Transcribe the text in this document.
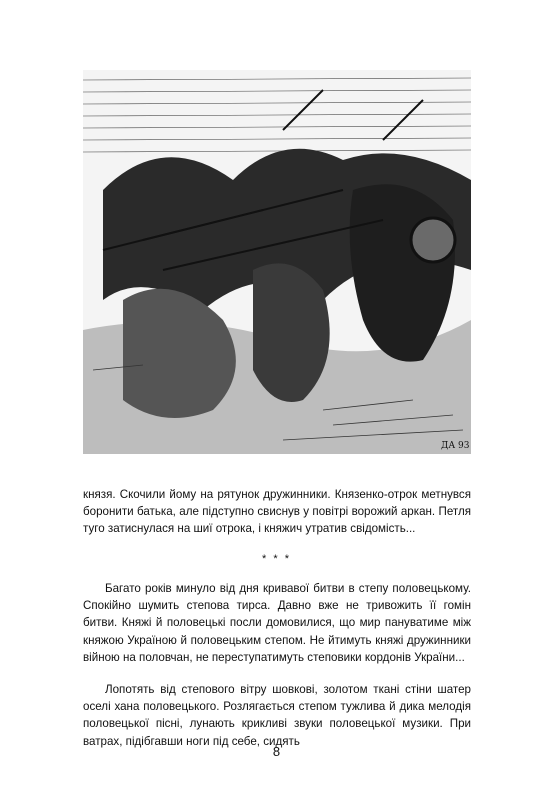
ДА 93
князя. Скочили йому на рятунок дружинники. Князенко-отрок метнувся боронити батька, але підступно свиснув у повітрі ворожий аркан. Петля туго затиснулася на шиї отрока, і княжич утратив свідомість...
* * *
Багато років минуло від дня кривавої битви в степу половецькому. Спокійно шумить степова тирса. Давно вже не тривожить її гомін битви. Княжі й половецькі посли домовилися, що мир пануватиме між княжою Україною й половецьким степом. Не йтимуть княжі дружинники війною на половчан, не переступатимуть степовики кордонів України...
Лопотять від степового вітру шовкові, золотом ткані стіни шатер оселі хана половецького. Розлягається степом тужлива й дика мелодія половецької пісні, лунають крикливі звуки половецької музики. При ватрах, підібгавши ноги під себе, сидять
8
